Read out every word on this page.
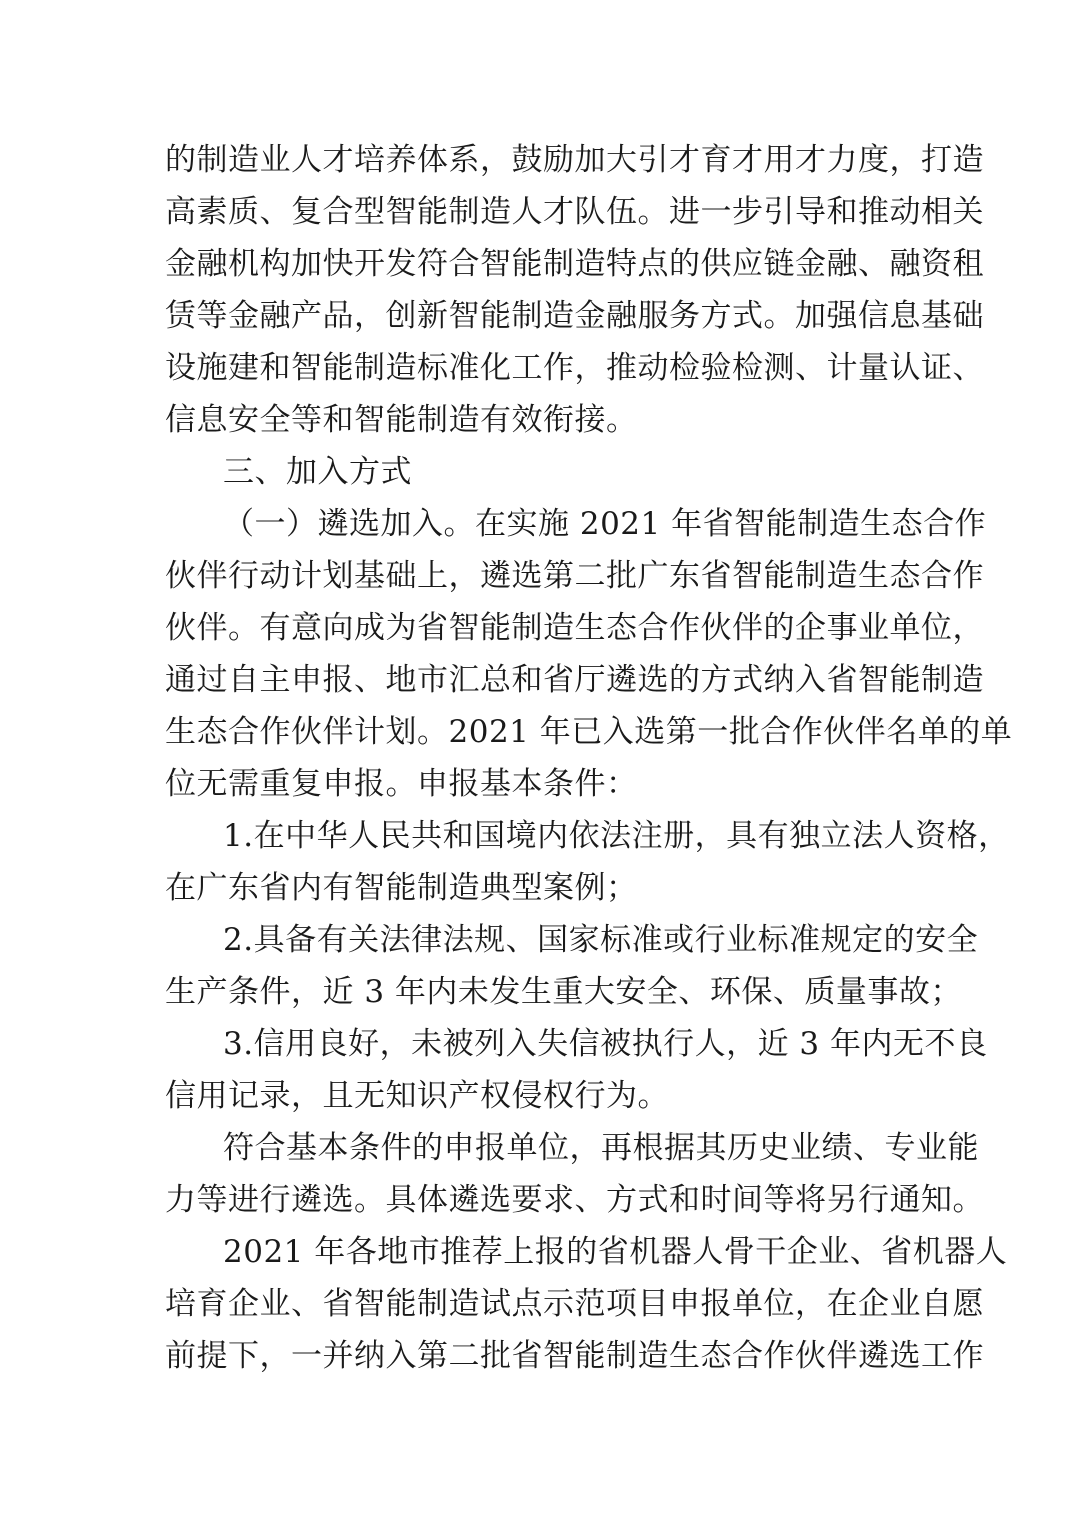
的制造业人才培养体系，鼓励加大引才育才用才力度，打造
高素质、复合型智能制造人才队伍。进一步引导和推动相关
金融机构加快开发符合智能制造特点的供应链金融、融资租
赁等金融产品，创新智能制造金融服务方式。加强信息基础
设施建和智能制造标准化工作，推动检验检测、计量认证、
信息安全等和智能制造有效衔接。
三、加入方式
（一）遴选加入。在实施 2021 年省智能制造生态合作
伙伴行动计划基础上，遴选第二批广东省智能制造生态合作
伙伴。有意向成为省智能制造生态合作伙伴的企事业单位，
通过自主申报、地市汇总和省厅遴选的方式纳入省智能制造
生态合作伙伴计划。2021 年已入选第一批合作伙伴名单的单
位无需重复申报。申报基本条件：
1.在中华人民共和国境内依法注册，具有独立法人资格，
在广东省内有智能制造典型案例；
2.具备有关法律法规、国家标准或行业标准规定的安全
生产条件，近 3 年内未发生重大安全、环保、质量事故；
3.信用良好，未被列入失信被执行人，近 3 年内无不良
信用记录，且无知识产权侵权行为。
符合基本条件的申报单位，再根据其历史业绩、专业能
力等进行遴选。具体遴选要求、方式和时间等将另行通知。
2021 年各地市推荐上报的省机器人骨干企业、省机器人
培育企业、省智能制造试点示范项目申报单位，在企业自愿
前提下，一并纳入第二批省智能制造生态合作伙伴遴选工作
